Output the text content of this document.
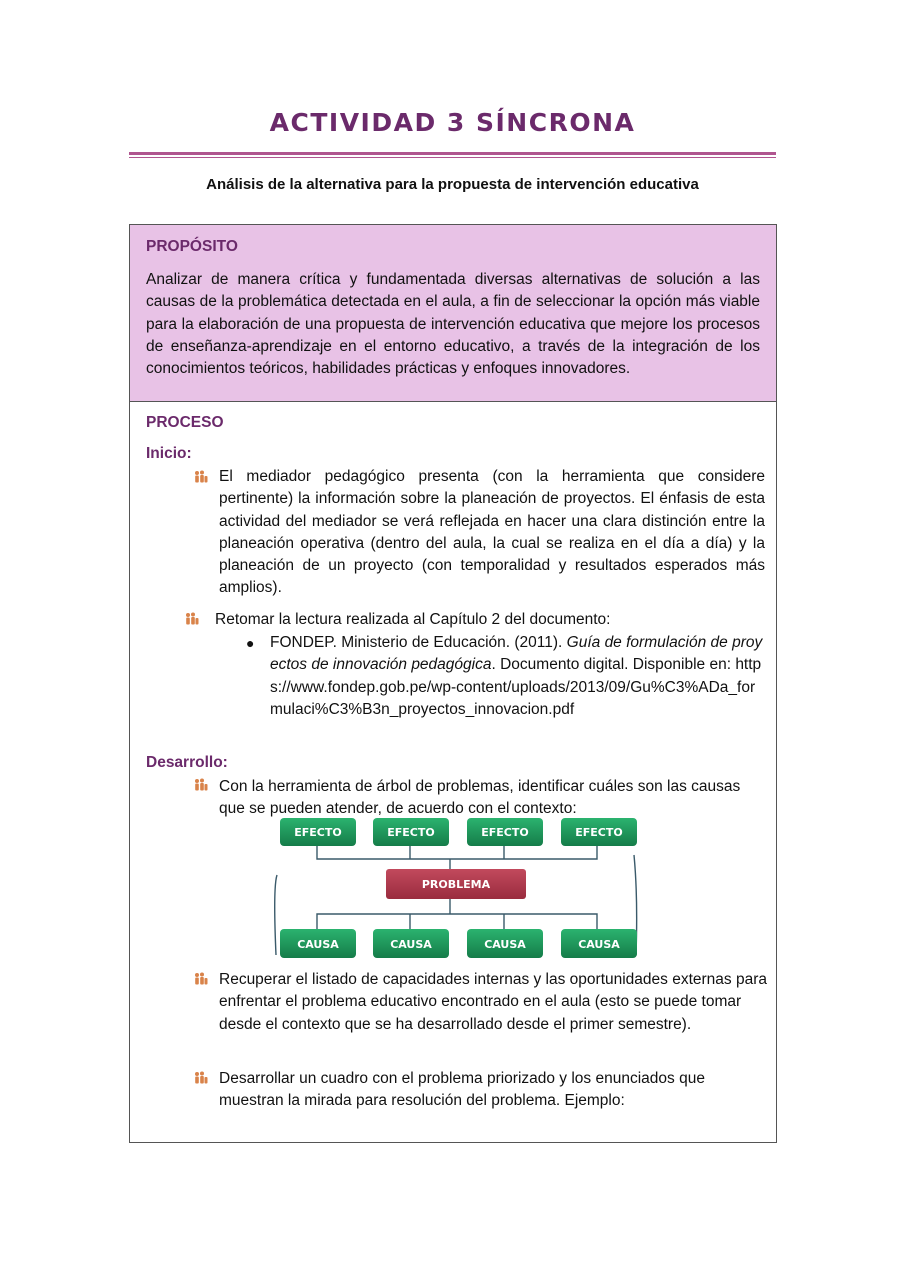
ACTIVIDAD 3 SÍNCRONA
Análisis de la alternativa para la propuesta de intervención educativa
PROPÓSITO
Analizar de manera crítica y fundamentada diversas alternativas de solución a las causas de la problemática detectada en el aula, a fin de seleccionar la opción más viable para la elaboración de una propuesta de intervención educativa que mejore los procesos de enseñanza-aprendizaje en el entorno educativo, a través de la integración de los conocimientos teóricos, habilidades prácticas y enfoques innovadores.
PROCESO
Inicio:
El mediador pedagógico presenta (con la herramienta que considere pertinente) la información sobre la planeación de proyectos. El énfasis de esta actividad del mediador se verá reflejada en hacer una clara distinción entre la planeación operativa (dentro del aula, la cual se realiza en el día a día) y la planeación de un proyecto (con temporalidad y resultados esperados más amplios).
Retomar la lectura realizada al Capítulo 2 del documento:
● FONDEP. Ministerio de Educación. (2011). Guía de formulación de proyectos de innovación pedagógica. Documento digital. Disponible en: https://www.fondep.gob.pe/wp-content/uploads/2013/09/Gu%C3%ADa_formulaci%C3%B3n_proyectos_innovacion.pdf
Desarrollo:
Con la herramienta de árbol de problemas, identificar cuáles son las causas que se pueden atender, de acuerdo con el contexto:
EFECTO	EFECTO	EFECTO	EFECTO
PROBLEMA
CAUSA	CAUSA	CAUSA	CAUSA
Recuperar el listado de capacidades internas y las oportunidades externas para enfrentar el problema educativo encontrado en el aula (esto se puede tomar desde el contexto que se ha desarrollado desde el primer semestre).
Desarrollar un cuadro con el problema priorizado y los enunciados que muestran la mirada para resolución del problema. Ejemplo:
